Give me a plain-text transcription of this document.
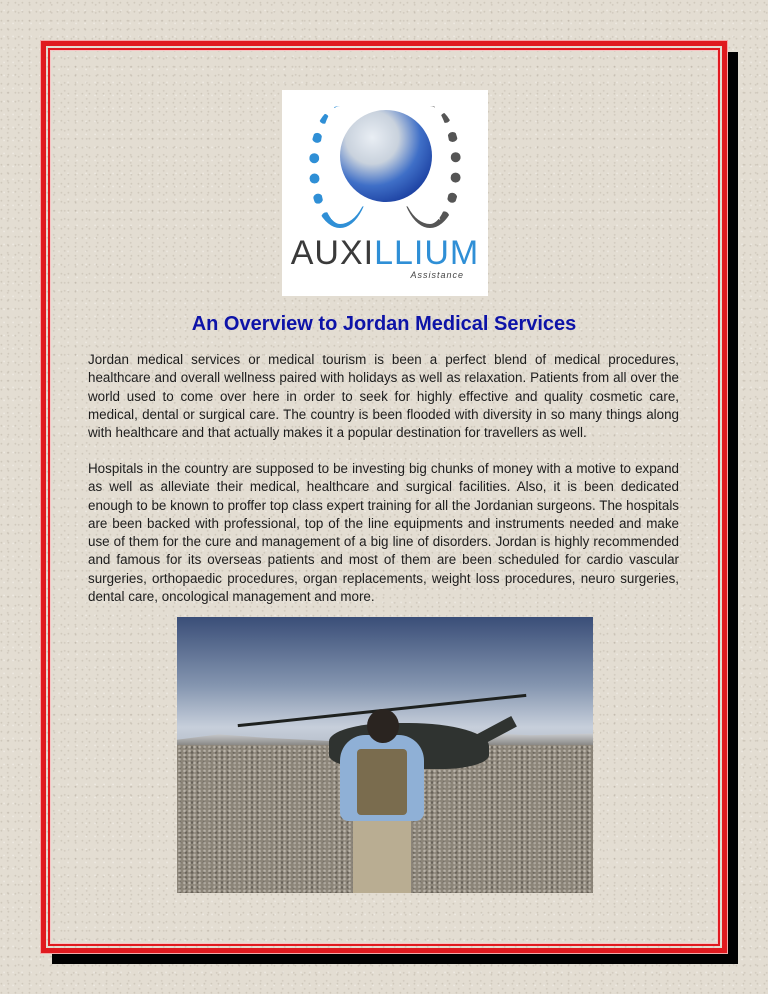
AUXILLIUM
Assistance
An Overview to Jordan Medical Services

Jordan medical services or medical tourism is been a perfect blend of medical procedures, healthcare and overall wellness paired with holidays as well as relaxation. Patients from all over the world used to come over here in order to seek for highly effective and quality cosmetic care, medical, dental or surgical care. The country is been flooded with diversity in so many things along with healthcare and that actually makes it a popular destination for travellers as well.

Hospitals in the country are supposed to be investing big chunks of money with a motive to expand as well as alleviate their medical, healthcare and surgical facilities. Also, it is been dedicated enough to be known to proffer top class expert training for all the Jordanian surgeons. The hospitals are been backed with professional, top of the line equipments and instruments needed and make use of them for the cure and management of a big line of disorders. Jordan is highly recommended and famous for its overseas patients and most of them are been scheduled for cardio vascular surgeries, orthopaedic procedures, organ replacements, weight loss procedures, neuro surgeries, dental care, oncological management and more.
